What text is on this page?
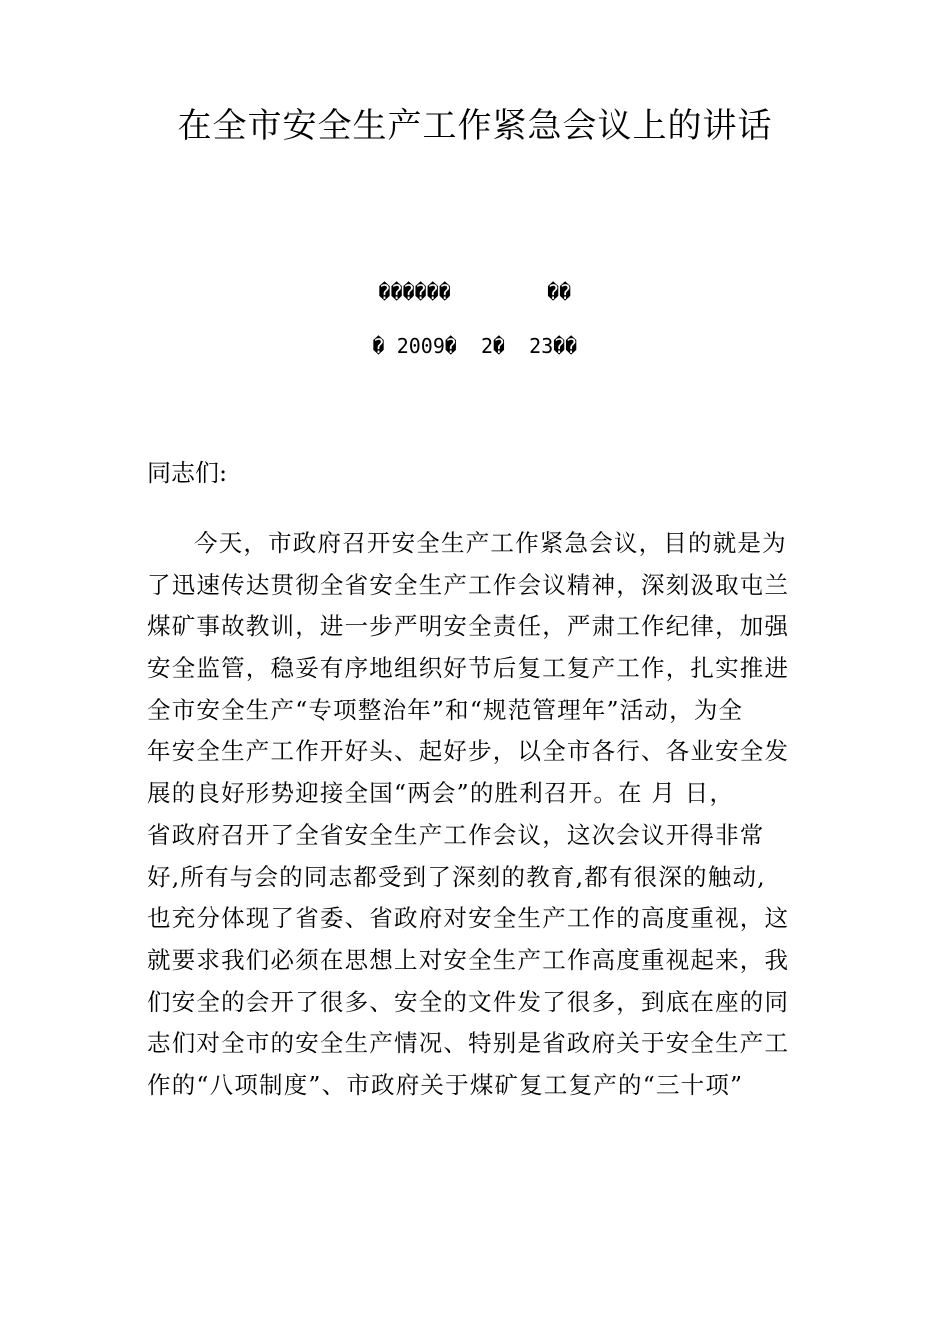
在全市安全生产工作紧急会议上的讲话
������        ��
� 2009�  2�  23��
同志们:
今天，市政府召开安全生产工作紧急会议，目的就是为
了迅速传达贯彻全省安全生产工作会议精神，深刻汲取屯兰
煤矿事故教训，进一步严明安全责任，严肃工作纪律，加强
安全监管，稳妥有序地组织好节后复工复产工作，扎实推进
全市安全生产“专项整治年”和“规范管理年”活动，为全
年安全生产工作开好头、起好步，以全市各行、各业安全发
展的良好形势迎接全国“两会”的胜利召开。在 月 日，
省政府召开了全省安全生产工作会议，这次会议开得非常
好,所有与会的同志都受到了深刻的教育,都有很深的触动,
也充分体现了省委、省政府对安全生产工作的高度重视，这
就要求我们必须在思想上对安全生产工作高度重视起来，我
们安全的会开了很多、安全的文件发了很多，到底在座的同
志们对全市的安全生产情况、特别是省政府关于安全生产工
作的“八项制度”、市政府关于煤矿复工复产的“三十项”
